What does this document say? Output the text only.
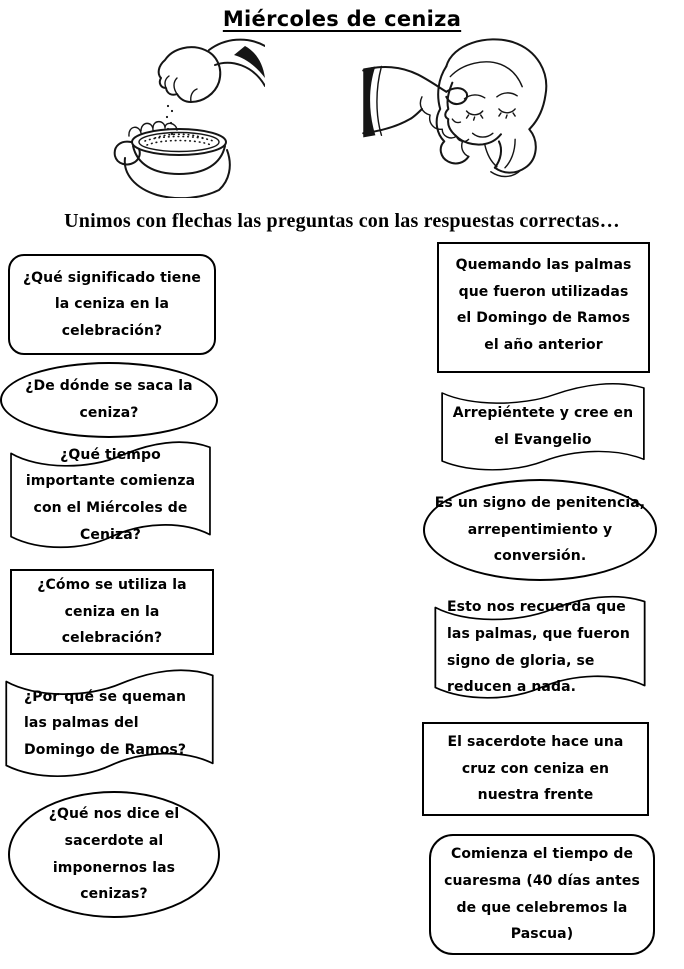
Miércoles de ceniza
Unimos con flechas las preguntas con las respuestas correctas…
¿Qué significado tiene la ceniza en la celebración?
¿De dónde se saca la ceniza?
¿Qué tiempo importante comienza con el Miércoles de Ceniza?
¿Cómo se utiliza la ceniza en la celebración?
¿Por qué se queman las palmas del Domingo de Ramos?
¿Qué nos dice el sacerdote al imponernos las cenizas?
Quemando las palmas que fueron utilizadas el Domingo de Ramos el año anterior
Arrepiéntete y cree en el Evangelio
Es un signo de penitencia, arrepentimiento y conversión.
Esto nos recuerda que las palmas, que fueron signo de gloria, se reducen a nada.
El sacerdote hace una cruz con ceniza en nuestra frente
Comienza el tiempo de cuaresma (40 días antes de que celebremos la Pascua)
